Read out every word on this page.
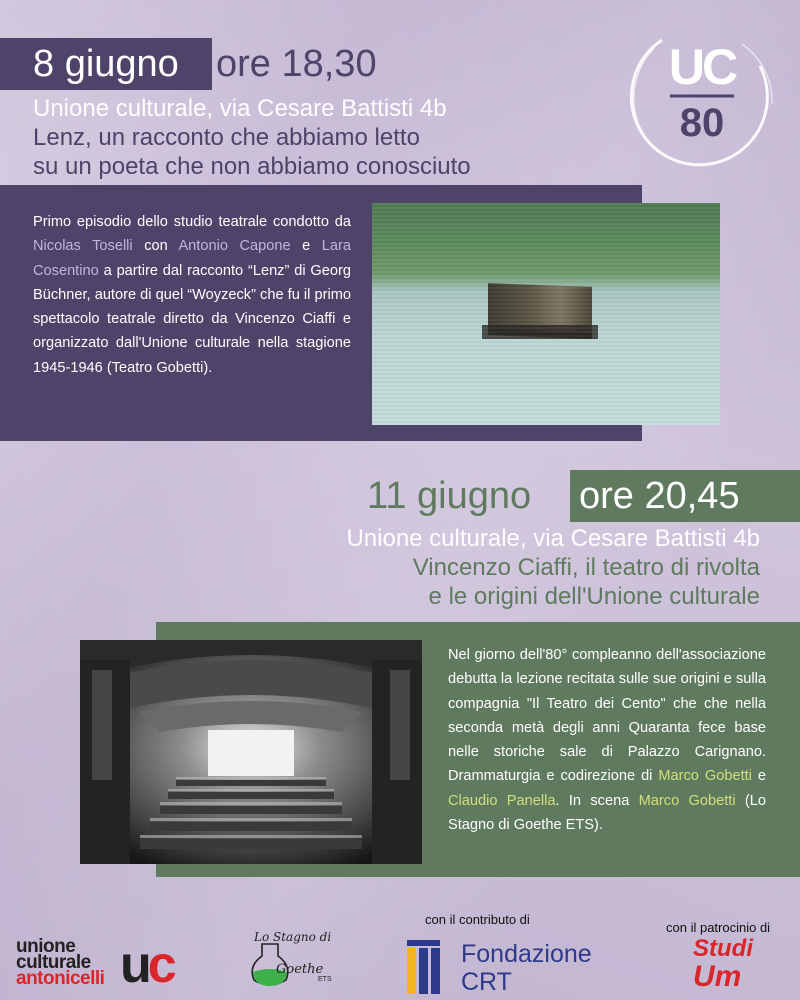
8 giugno ore 18,30
Unione culturale, via Cesare Battisti 4b
Lenz, un racconto che abbiamo letto
su un poeta che non abbiamo conosciuto

Primo episodio dello studio teatrale condotto da Nicolas Toselli con Antonio Capone e Lara Cosentino a partire dal racconto “Lenz” di Georg Büchner, autore di quel “Woyzeck” che fu il primo spettacolo teatrale diretto da Vincenzo Ciaffi e organizzato dall'Unione culturale nella stagione 1945-1946 (Teatro Gobetti).

UC
80
11 giugno ore 20,45
Unione culturale, via Cesare Battisti 4b
Vincenzo Ciaffi, il teatro di rivolta
e le origini dell'Unione culturale

Nel giorno dell'80° compleanno dell'associazione debutta la lezione recitata sulle sue origini e sulla compagnia "Il Teatro dei Cento" che che nella seconda metà degli anni Quaranta fece base nelle storiche sale di Palazzo Carignano. Drammaturgia e codirezione di Marco Gobetti e Claudio Panella. In scena Marco Gobetti (Lo Stagno di Goethe ETS).

con il contributo di
con il patrocinio di
unione
culturale
antonicelli uc	Lo Stagno di
Goethe
ETS
Fondazione
CRT
Studi
Um
